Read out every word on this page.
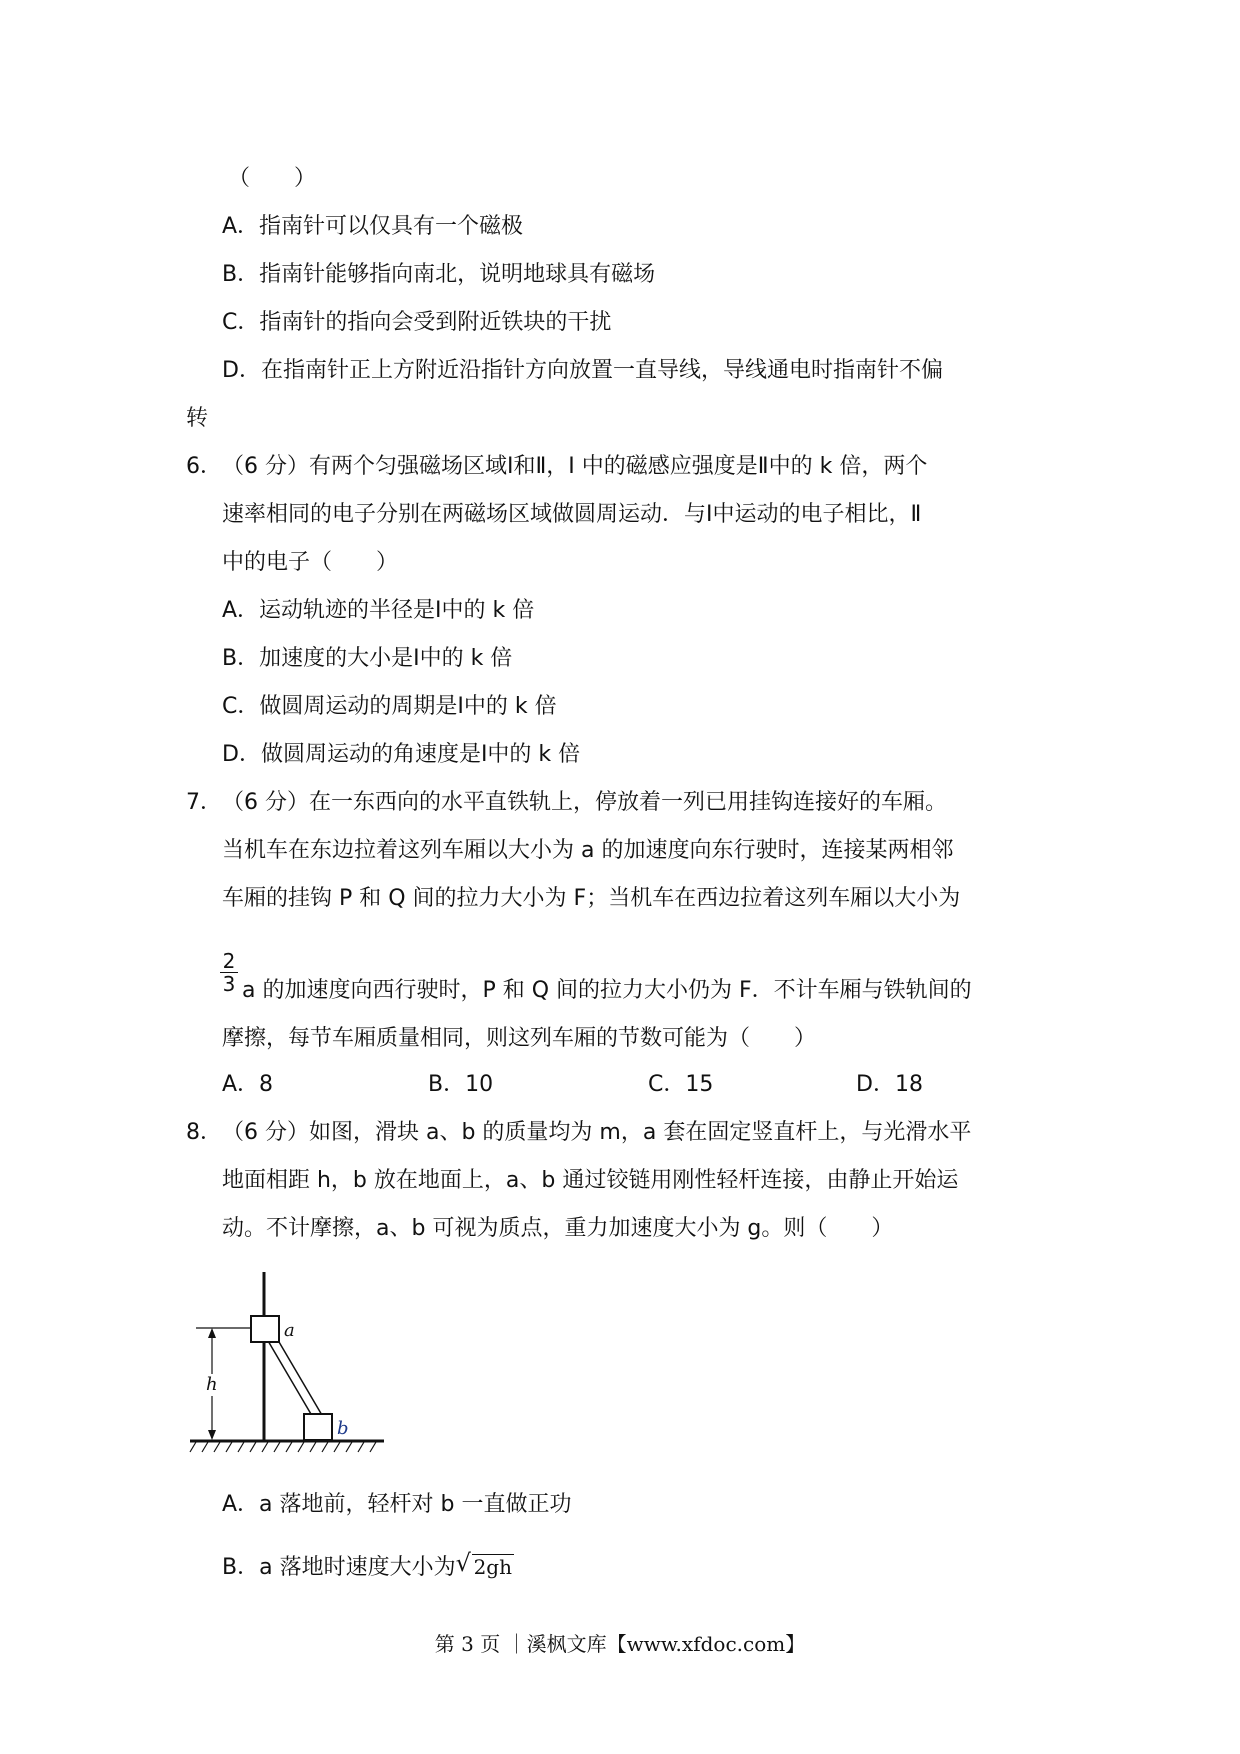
（　　）
A．指南针可以仅具有一个磁极
B．指南针能够指向南北，说明地球具有磁场
C．指南针的指向会受到附近铁块的干扰
D．在指南针正上方附近沿指针方向放置一直导线，导线通电时指南针不偏
转
6． （6 分）有两个匀强磁场区域Ⅰ和Ⅱ，I 中的磁感应强度是Ⅱ中的 k 倍，两个
速率相同的电子分别在两磁场区域做圆周运动．与Ⅰ中运动的电子相比，Ⅱ
中的电子（　　）
A．运动轨迹的半径是Ⅰ中的 k 倍
B．加速度的大小是Ⅰ中的 k 倍
C．做圆周运动的周期是Ⅰ中的 k 倍
D．做圆周运动的角速度是Ⅰ中的 k 倍
7． （6 分）在一东西向的水平直铁轨上，停放着一列已用挂钩连接好的车厢。
当机车在东边拉着这列车厢以大小为 a 的加速度向东行驶时，连接某两相邻
车厢的挂钩 P 和 Q 间的拉力大小为 F；当机车在西边拉着这列车厢以大小为
$\frac{2}{3}$ a 的加速度向西行驶时，P 和 Q 间的拉力大小仍为 F．不计车厢与铁轨间的
摩擦，每节车厢质量相同，则这列车厢的节数可能为（　　）
A．8	B．10	C．15	D．18
8． （6 分）如图，滑块 a、b 的质量均为 m，a 套在固定竖直杆上，与光滑水平
地面相距 h，b 放在地面上，a、b 通过铰链用刚性轻杆连接，由静止开始运
动。不计摩擦，a、b 可视为质点，重力加速度大小为 g。则（　　）
h
a
b
A．a 落地前，轻杆对 b 一直做正功
B．a 落地时速度大小为 √ 2gh
第 3 页 ｜溪枫文库【www.xfdoc.com】
